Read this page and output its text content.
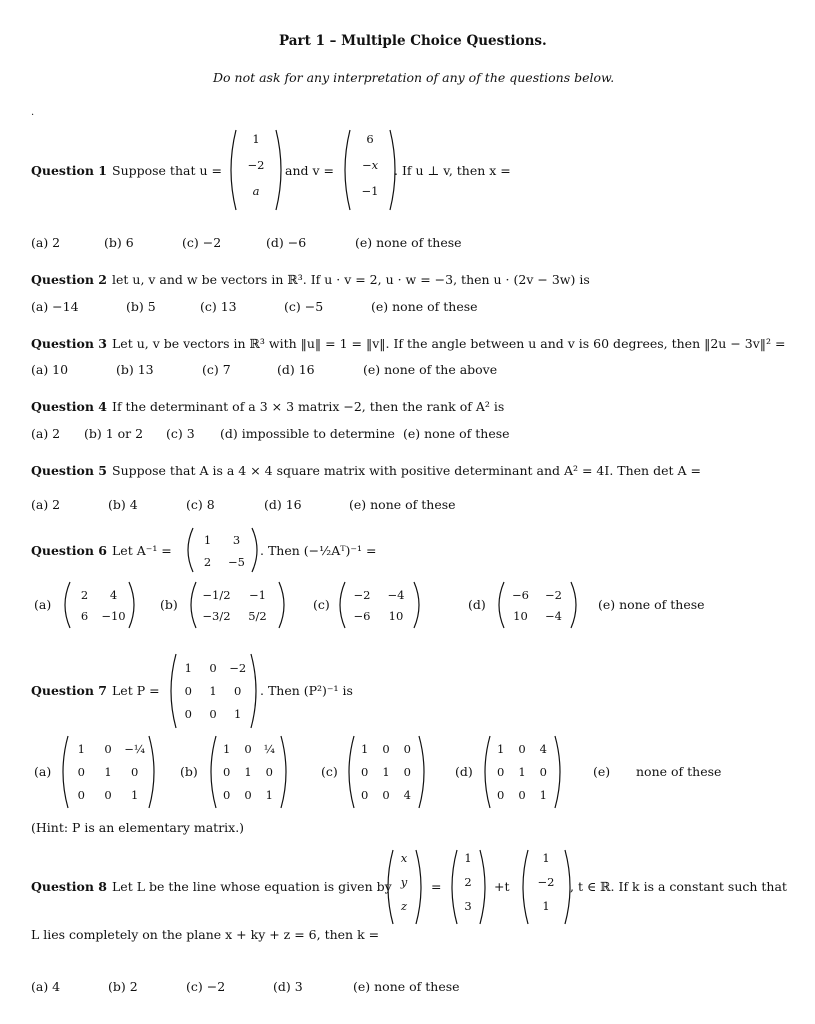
Part 1 – Multiple Choice Questions.
Do not ask for any interpretation of any of the questions below.
.
Question 1 Suppose that u =
1
−2
a
and v =
6
−x
−1
. If u ⊥ v, then x =
(a) 2	(b) 6	(c) −2	(d) −6	(e) none of these
Question 2 let u, v and w be vectors in ℝ³. If u · v = 2, u · w = −3, then u · (2v − 3w) is
(a) −14	(b) 5	(c) 13	(c) −5	(e) none of these
Question 3 Let u, v be vectors in ℝ³ with ‖u‖ = 1 = ‖v‖. If the angle between u and v is 60 degrees, then ‖2u − 3v‖² =
(a) 10	(b) 13	(c) 7	(d) 16	(e) none of the above
Question 4 If the determinant of a 3 × 3 matrix −2, then the rank of A² is
(a) 2 (b) 1 or 2 (c) 3 (d) impossible to determine (e) none of these
Question 5 Suppose that A is a 4 × 4 square matrix with positive determinant and A² = 4I. Then det A =
(a) 2	(b) 4	(c) 8	(d) 16	(e) none of these
Question 6 Let A⁻¹ =
1	3
2	−5
. Then (−½Aᵀ)⁻¹ =
(a)
2	4
6	−10
(b)
−1/2	−1
−3/2	5/2
(c)
−2	−4
−6	10
(d)
−6	−2
10	−4
(e) none of these
Question 7 Let P =
1	0	−2
0	1	0
0	0	1
. Then (P²)⁻¹ is
(a)
1	0	−¼
0	1	0
0	0	1
(b)
1	0	¼
0	1	0
0	0	1
(c)
1	0	0
0	1	0
0	0	4
(d)
1	0	4
0	1	0
0	0	1
(e) none of these
(Hint: P is an elementary matrix.)
Question 8 Let L be the line whose equation is given by
x
y
z
=
1
2
3
+t
1
−2
1
, t ∈ ℝ. If k is a constant such that
L lies completely on the plane x + ky + z = 6, then k =
(a) 4	(b) 2	(c) −2	(d) 3	(e) none of these
